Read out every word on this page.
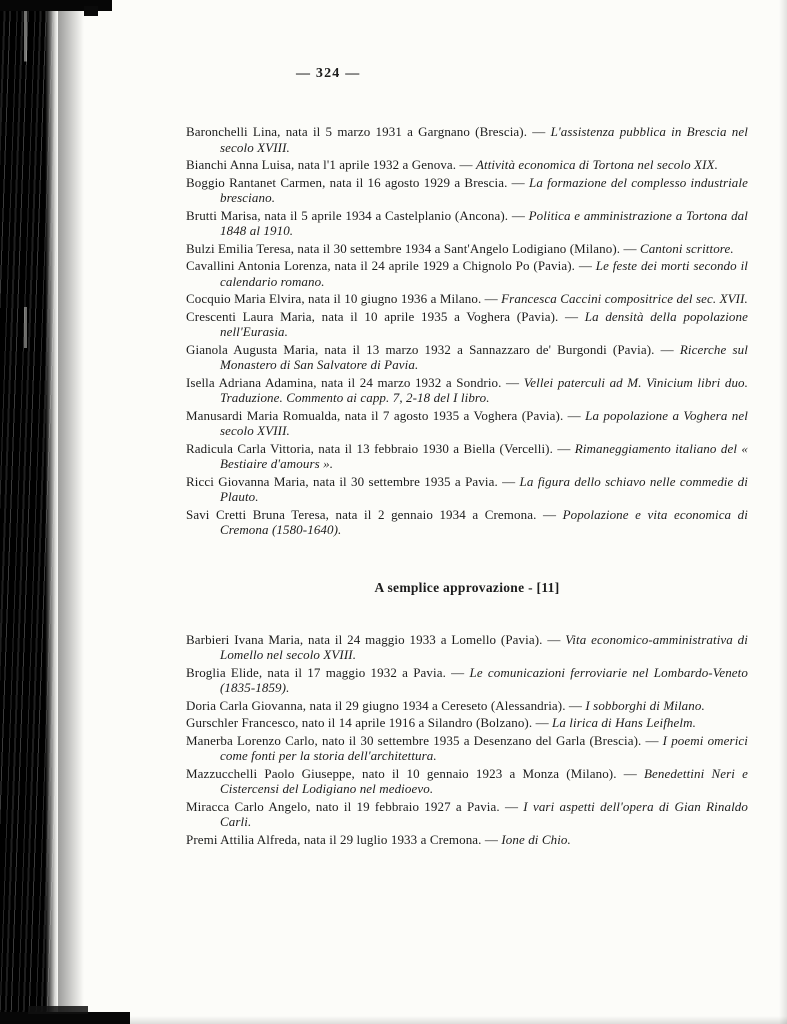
— 324 —

Baronchelli Lina, nata il 5 marzo 1931 a Gargnano (Brescia). — L'assistenza pubblica in Brescia nel secolo XVIII.

Bianchi Anna Luisa, nata l'1 aprile 1932 a Genova. — Attività economica di Tortona nel secolo XIX.

Boggio Rantanet Carmen, nata il 16 agosto 1929 a Brescia. — La formazione del complesso industriale bresciano.

Brutti Marisa, nata il 5 aprile 1934 a Castelplanio (Ancona). — Politica e amministrazione a Tortona dal 1848 al 1910.

Bulzi Emilia Teresa, nata il 30 settembre 1934 a Sant'Angelo Lodigiano (Milano). — Cantoni scrittore.

Cavallini Antonia Lorenza, nata il 24 aprile 1929 a Chignolo Po (Pavia). — Le feste dei morti secondo il calendario romano.

Cocquio Maria Elvira, nata il 10 giugno 1936 a Milano. — Francesca Caccini compositrice del sec. XVII.

Crescenti Laura Maria, nata il 10 aprile 1935 a Voghera (Pavia). — La densità della popolazione nell'Eurasia.

Gianola Augusta Maria, nata il 13 marzo 1932 a Sannazzaro de' Burgondi (Pavia). — Ricerche sul Monastero di San Salvatore di Pavia.

Isella Adriana Adamina, nata il 24 marzo 1932 a Sondrio. — Vellei paterculi ad M. Vinicium libri duo. Traduzione. Commento ai capp. 7, 2-18 del I libro.

Manusardi Maria Romualda, nata il 7 agosto 1935 a Voghera (Pavia). — La popolazione a Voghera nel secolo XVIII.

Radicula Carla Vittoria, nata il 13 febbraio 1930 a Biella (Vercelli). — Rimaneggiamento italiano del « Bestiaire d'amours ».

Ricci Giovanna Maria, nata il 30 settembre 1935 a Pavia. — La figura dello schiavo nelle commedie di Plauto.

Savi Cretti Bruna Teresa, nata il 2 gennaio 1934 a Cremona. — Popolazione e vita economica di Cremona (1580-1640).

A semplice approvazione - [11]

Barbieri Ivana Maria, nata il 24 maggio 1933 a Lomello (Pavia). — Vita economico-amministrativa di Lomello nel secolo XVIII.

Broglia Elide, nata il 17 maggio 1932 a Pavia. — Le comunicazioni ferroviarie nel Lombardo-Veneto (1835-1859).

Doria Carla Giovanna, nata il 29 giugno 1934 a Cereseto (Alessandria). — I sobborghi di Milano.

Gurschler Francesco, nato il 14 aprile 1916 a Silandro (Bolzano). — La lirica di Hans Leifhelm.

Manerba Lorenzo Carlo, nato il 30 settembre 1935 a Desenzano del Garla (Brescia). — I poemi omerici come fonti per la storia dell'architettura.

Mazzucchelli Paolo Giuseppe, nato il 10 gennaio 1923 a Monza (Milano). — Benedettini Neri e Cistercensi del Lodigiano nel medioevo.

Miracca Carlo Angelo, nato il 19 febbraio 1927 a Pavia. — I vari aspetti dell'opera di Gian Rinaldo Carli.

Premi Attilia Alfreda, nata il 29 luglio 1933 a Cremona. — Ione di Chio.
